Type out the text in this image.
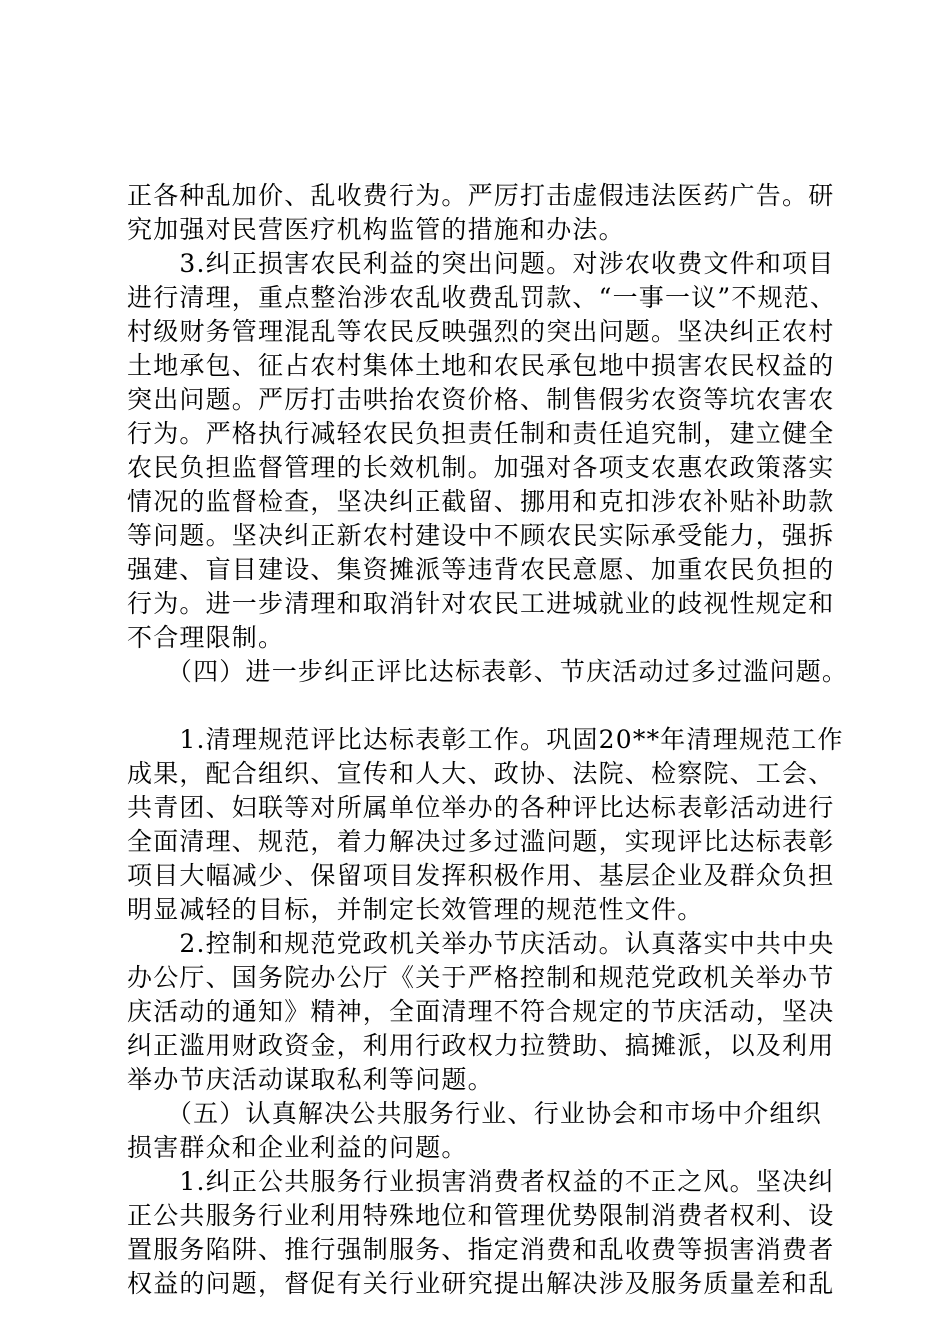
正各种乱加价、乱收费行为。严厉打击虚假违法医药广告。研
究加强对民营医疗机构监管的措施和办法。
　　3.纠正损害农民利益的突出问题。对涉农收费文件和项目
进行清理，重点整治涉农乱收费乱罚款、“一事一议”不规范、
村级财务管理混乱等农民反映强烈的突出问题。坚决纠正农村
土地承包、征占农村集体土地和农民承包地中损害农民权益的
突出问题。严厉打击哄抬农资价格、制售假劣农资等坑农害农
行为。严格执行减轻农民负担责任制和责任追究制，建立健全
农民负担监督管理的长效机制。加强对各项支农惠农政策落实
情况的监督检查，坚决纠正截留、挪用和克扣涉农补贴补助款
等问题。坚决纠正新农村建设中不顾农民实际承受能力，强拆
强建、盲目建设、集资摊派等违背农民意愿、加重农民负担的
行为。进一步清理和取消针对农民工进城就业的歧视性规定和
不合理限制。
　　（四）进一步纠正评比达标表彰、节庆活动过多过滥问题。
　　1.清理规范评比达标表彰工作。巩固20**年清理规范工作
成果，配合组织、宣传和人大、政协、法院、检察院、工会、
共青团、妇联等对所属单位举办的各种评比达标表彰活动进行
全面清理、规范，着力解决过多过滥问题，实现评比达标表彰
项目大幅减少、保留项目发挥积极作用、基层企业及群众负担
明显减轻的目标，并制定长效管理的规范性文件。
　　2.控制和规范党政机关举办节庆活动。认真落实中共中央
办公厅、国务院办公厅《关于严格控制和规范党政机关举办节
庆活动的通知》精神，全面清理不符合规定的节庆活动，坚决
纠正滥用财政资金，利用行政权力拉赞助、搞摊派，以及利用
举办节庆活动谋取私利等问题。
　　（五）认真解决公共服务行业、行业协会和市场中介组织
损害群众和企业利益的问题。
　　1.纠正公共服务行业损害消费者权益的不正之风。坚决纠
正公共服务行业利用特殊地位和管理优势限制消费者权利、设
置服务陷阱、推行强制服务、指定消费和乱收费等损害消费者
权益的问题，督促有关行业研究提出解决涉及服务质量差和乱
